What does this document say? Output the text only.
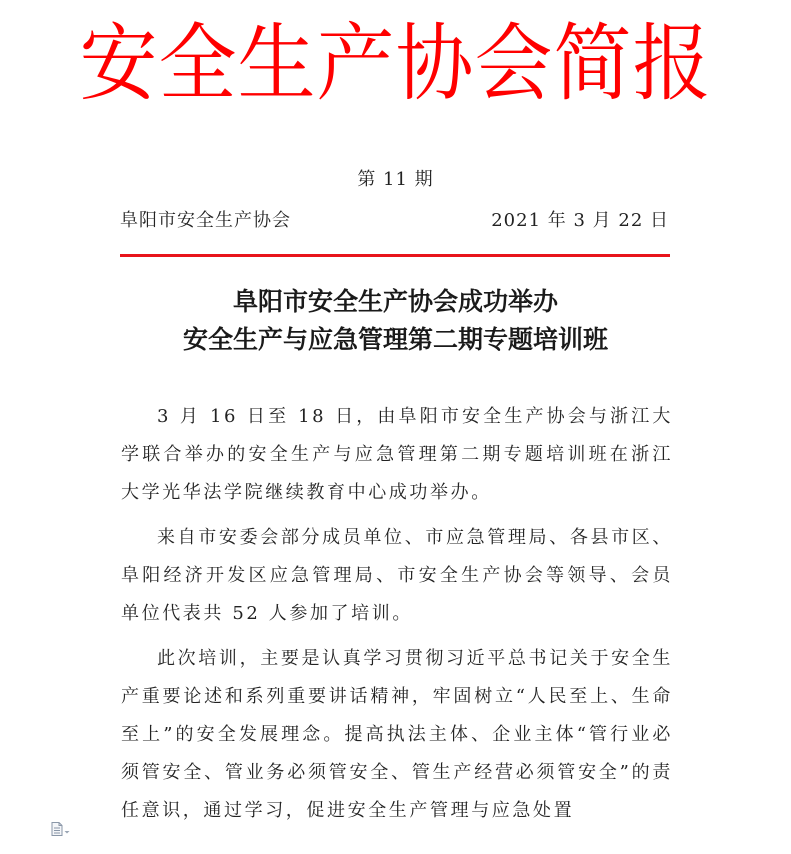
安全生产协会简报
第 11 期
阜阳市安全生产协会	2021 年 3 月 22 日
阜阳市安全生产协会成功举办
安全生产与应急管理第二期专题培训班

3 月 16 日至 18 日，由阜阳市安全生产协会与浙江大学联合举办的安全生产与应急管理第二期专题培训班在浙江大学光华法学院继续教育中心成功举办。

来自市安委会部分成员单位、市应急管理局、各县市区、阜阳经济开发区应急管理局、市安全生产协会等领导、会员单位代表共 52 人参加了培训。

此次培训，主要是认真学习贯彻习近平总书记关于安全生产重要论述和系列重要讲话精神，牢固树立“人民至上、生命至上”的安全发展理念。提高执法主体、企业主体“管行业必须管安全、管业务必须管安全、管生产经营必须管安全”的责任意识，通过学习，促进安全生产管理与应急处置
